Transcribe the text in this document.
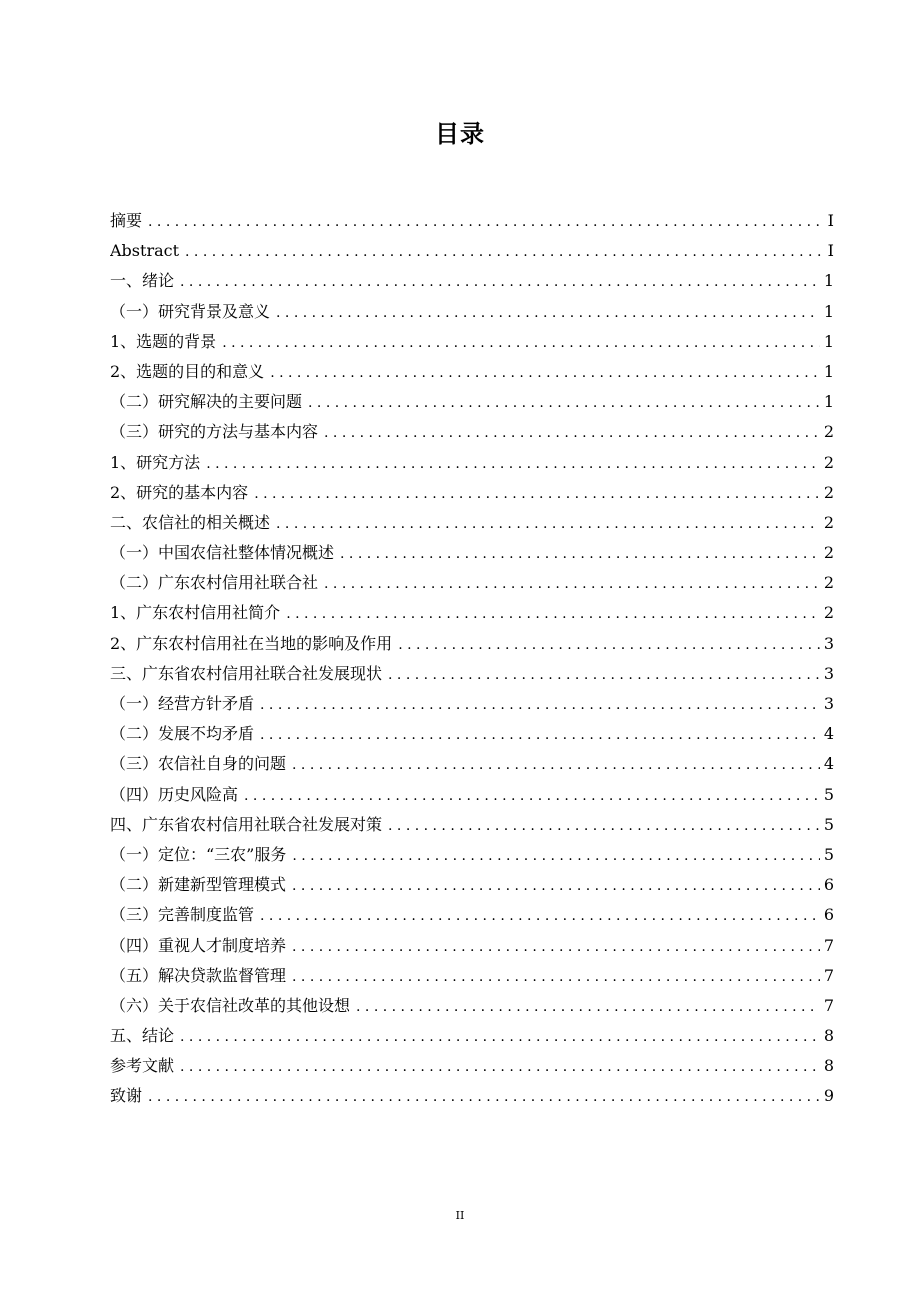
目录
摘要 . . .	I
Abstract . . .	I
一、绪论 . . .	1
（一）研究背景及意义 . . .	1
1、选题的背景 . . .	1
2、选题的目的和意义 . . .	1
（二）研究解决的主要问题 . . .	1
（三）研究的方法与基本内容 . . .	2
1、研究方法 . . .	2
2、研究的基本内容 . . .	2
二、农信社的相关概述 . . .	2
（一）中国农信社整体情况概述 . . .	2
（二）广东农村信用社联合社 . . .	2
1、广东农村信用社简介 . . .	2
2、广东农村信用社在当地的影响及作用 . . .	3
三、广东省农村信用社联合社发展现状 . . .	3
（一）经营方针矛盾 . . .	3
（二）发展不均矛盾 . . .	4
（三）农信社自身的问题 . . .	4
（四）历史风险高 . . .	5
四、广东省农村信用社联合社发展对策 . . .	5
（一）定位：“三农”服务 . . .	5
（二）新建新型管理模式 . . .	6
（三）完善制度监管 . . .	6
（四）重视人才制度培养 . . .	7
（五）解决贷款监督管理 . . .	7
（六）关于农信社改革的其他设想 . . .	7
五、结论 . . .	8
参考文献 . . .	8
致谢 . . .	9
II
